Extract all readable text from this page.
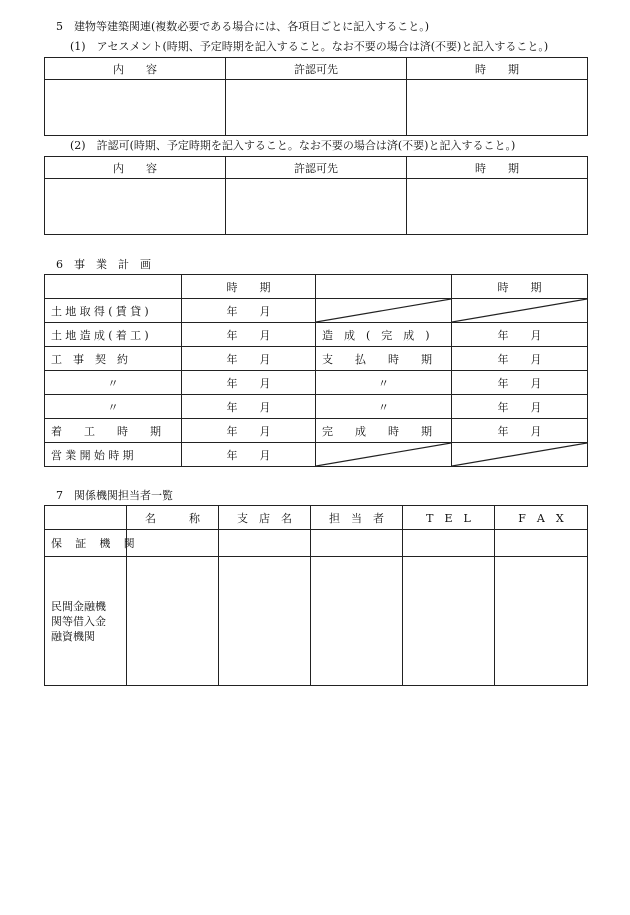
5　建物等建築関連(複数必要である場合には、各項目ごとに記入すること。)
(1)　アセスメント(時期、予定時期を記入すること。なお不要の場合は済(不要)と記入すること。)
内　　容	許認可先	時　　期

(2)　許認可(時期、予定時期を記入すること。なお不要の場合は済(不要)と記入すること。)
内　　容	許認可先	時　　期

6　事　業　計　画
	時　　期		時　　期
土地取得(賃貸)	年　　月	

土地造成(着工)	年　　月	造　成　(　完　成　)	年　　月
工　事　契　約	年　　月	支　　払　　時　　期	年　　月
〃	年　　月	〃	年　　月
〃	年　　月	〃	年　　月
着　　工　　時　　期	年　　月	完　　成　　時　　期	年　　月
営業開始時期	年　　月	

7　関係機関担当者一覧
	名　　　称	支　店　名	担　当　者	T　E　L	F　A　X
保　証　機　関					

民間金融機
関等借入金
融資機関					
